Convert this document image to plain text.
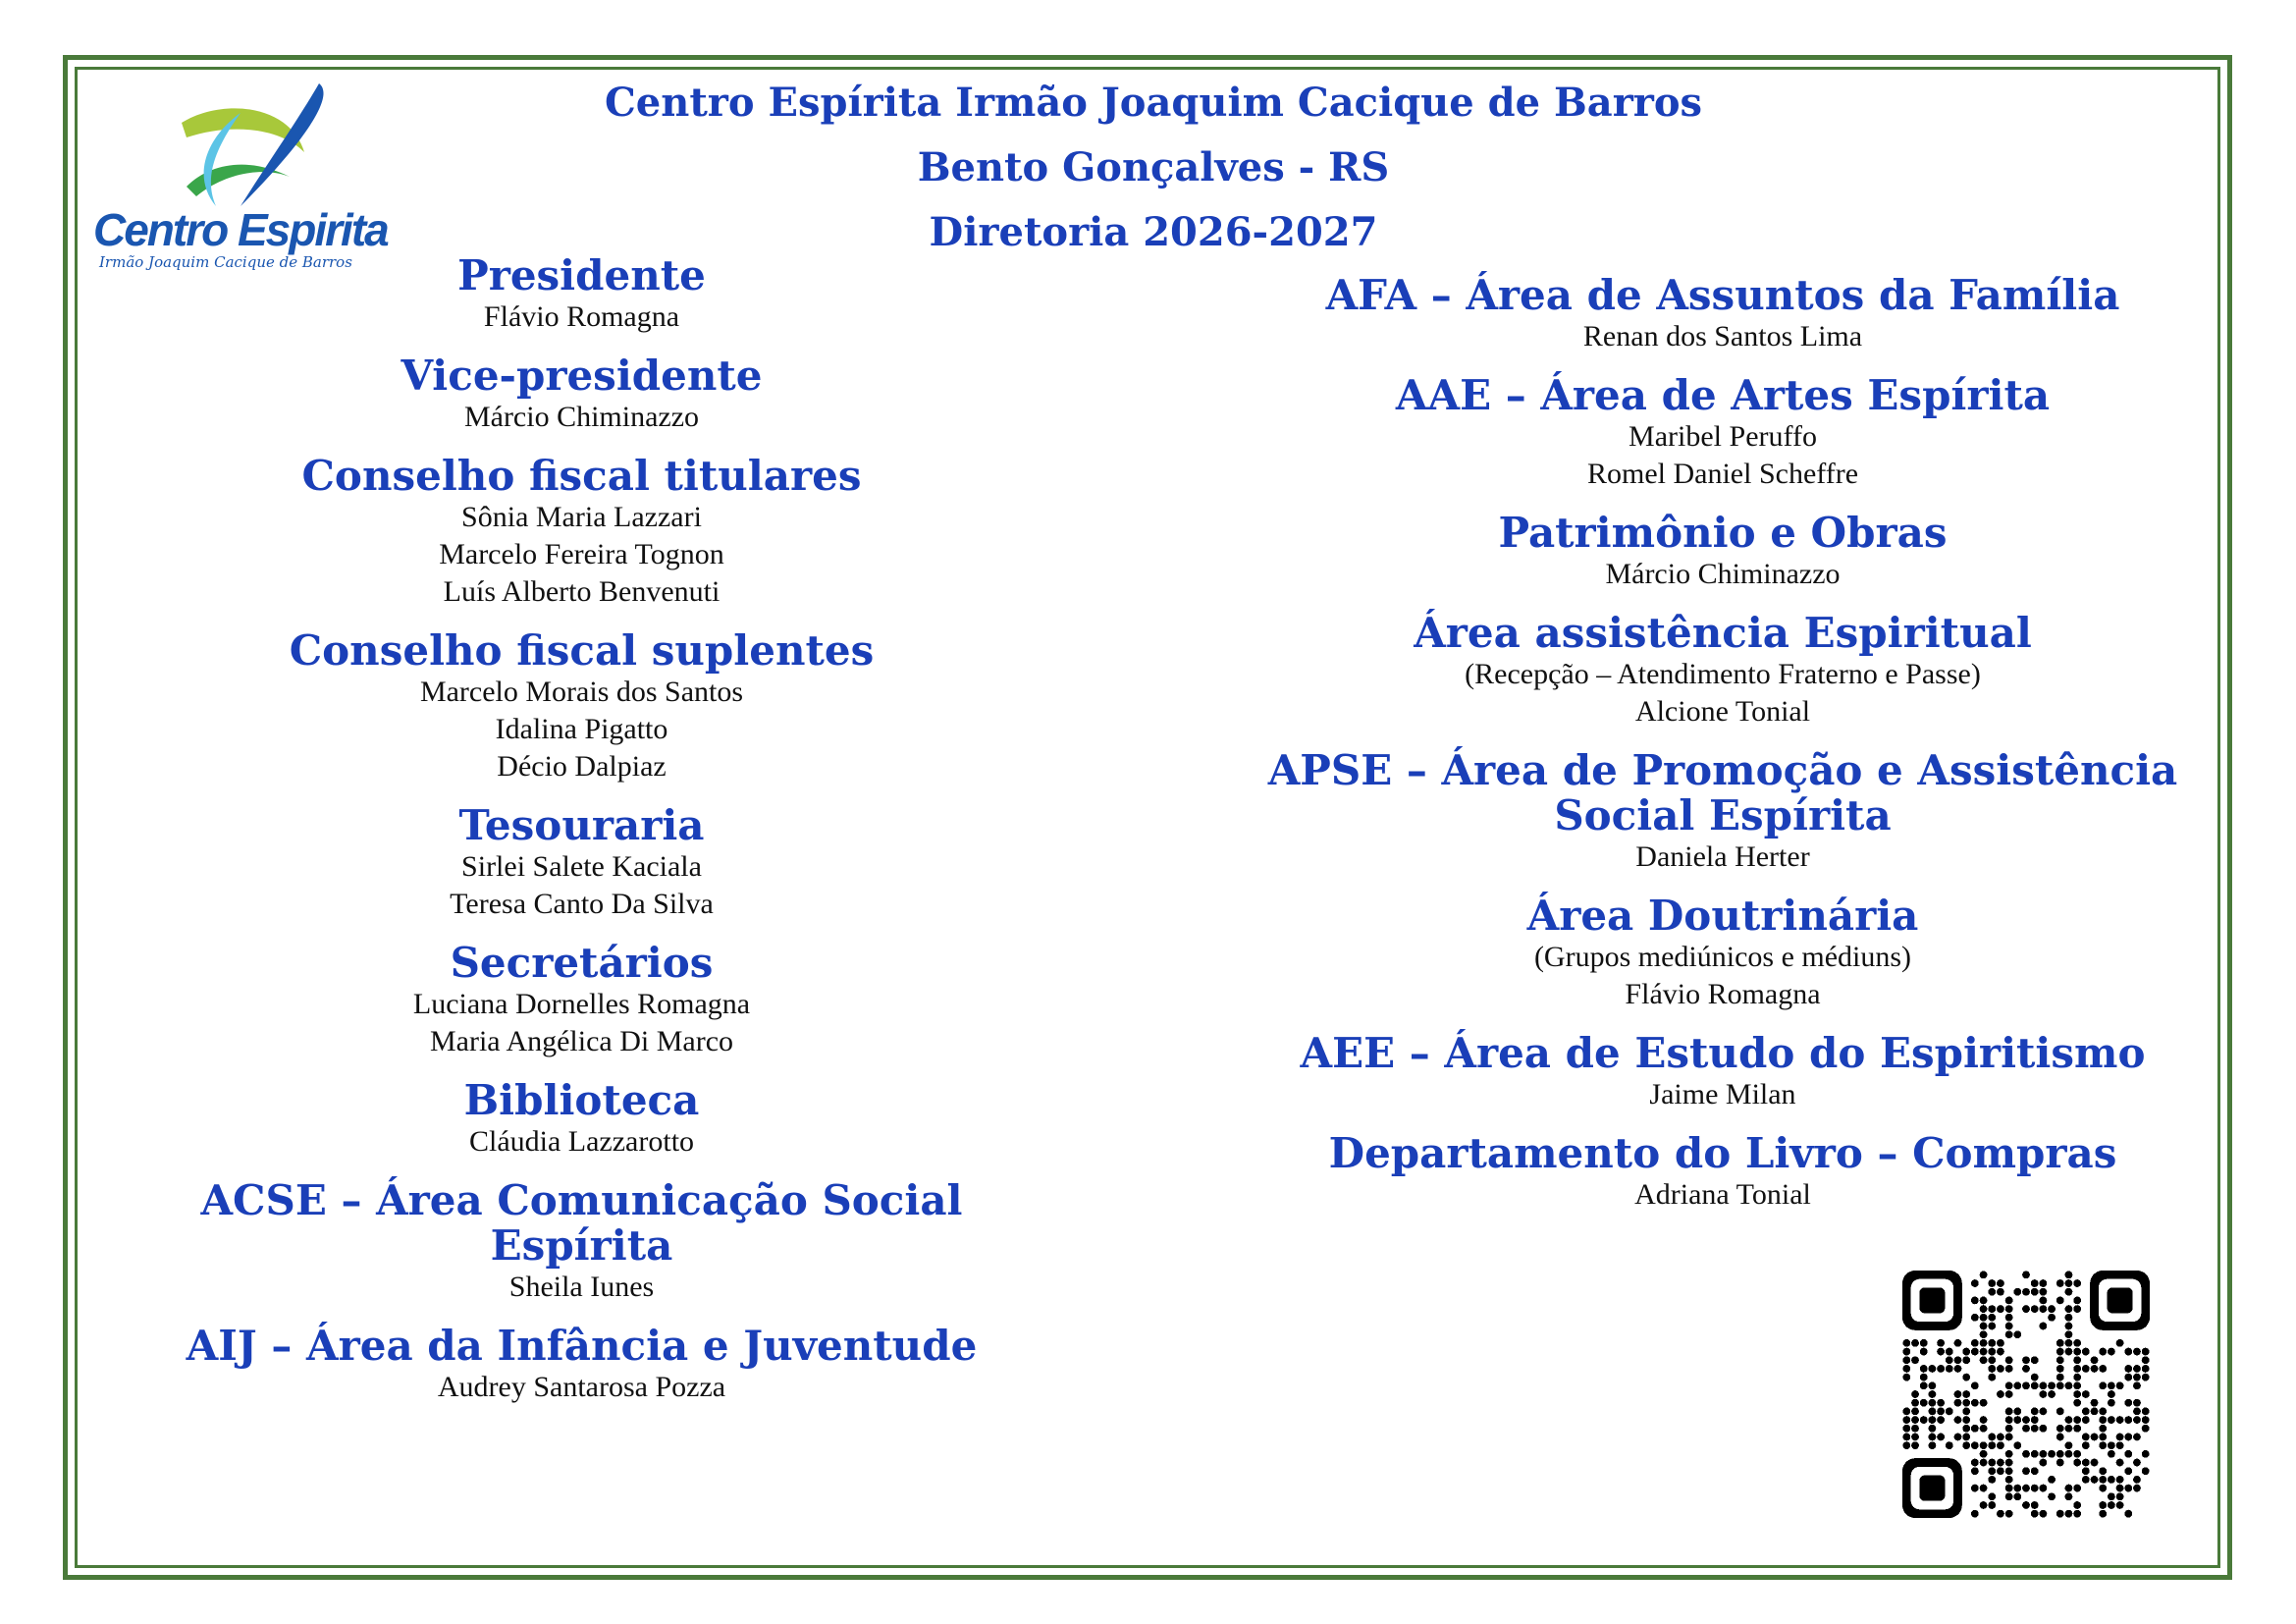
Centro Espirita
Irmão Joaquim Cacique de Barros
Centro Espírita Irmão Joaquim Cacique de Barros
Bento Gonçalves - RS
Diretoria 2026-2027
Presidente
Flávio Romagna
Vice-presidente
Márcio Chiminazzo
Conselho fiscal titulares
Sônia Maria Lazzari
Marcelo Fereira Tognon
Luís Alberto Benvenuti
Conselho fiscal suplentes
Marcelo Morais dos Santos
Idalina Pigatto
Décio Dalpiaz
Tesouraria
Sirlei Salete Kaciala
Teresa Canto Da Silva
Secretários
Luciana Dornelles Romagna
Maria Angélica Di Marco
Biblioteca
Cláudia Lazzarotto
ACSE – Área Comunicação Social Espírita
Sheila Iunes
AIJ – Área da Infância e Juventude
Audrey Santarosa Pozza
AFA – Área de Assuntos da Família
Renan dos Santos Lima
AAE – Área de Artes Espírita
Maribel Peruffo
Romel Daniel Scheffre
Patrimônio e Obras
Márcio Chiminazzo
Área assistência Espiritual
(Recepção – Atendimento Fraterno e Passe)
Alcione Tonial
APSE – Área de Promoção e Assistência Social Espírita
Daniela Herter
Área Doutrinária
(Grupos mediúnicos e médiuns)
Flávio Romagna
AEE – Área de Estudo do Espiritismo
Jaime Milan
Departamento do Livro – Compras
Adriana Tonial
